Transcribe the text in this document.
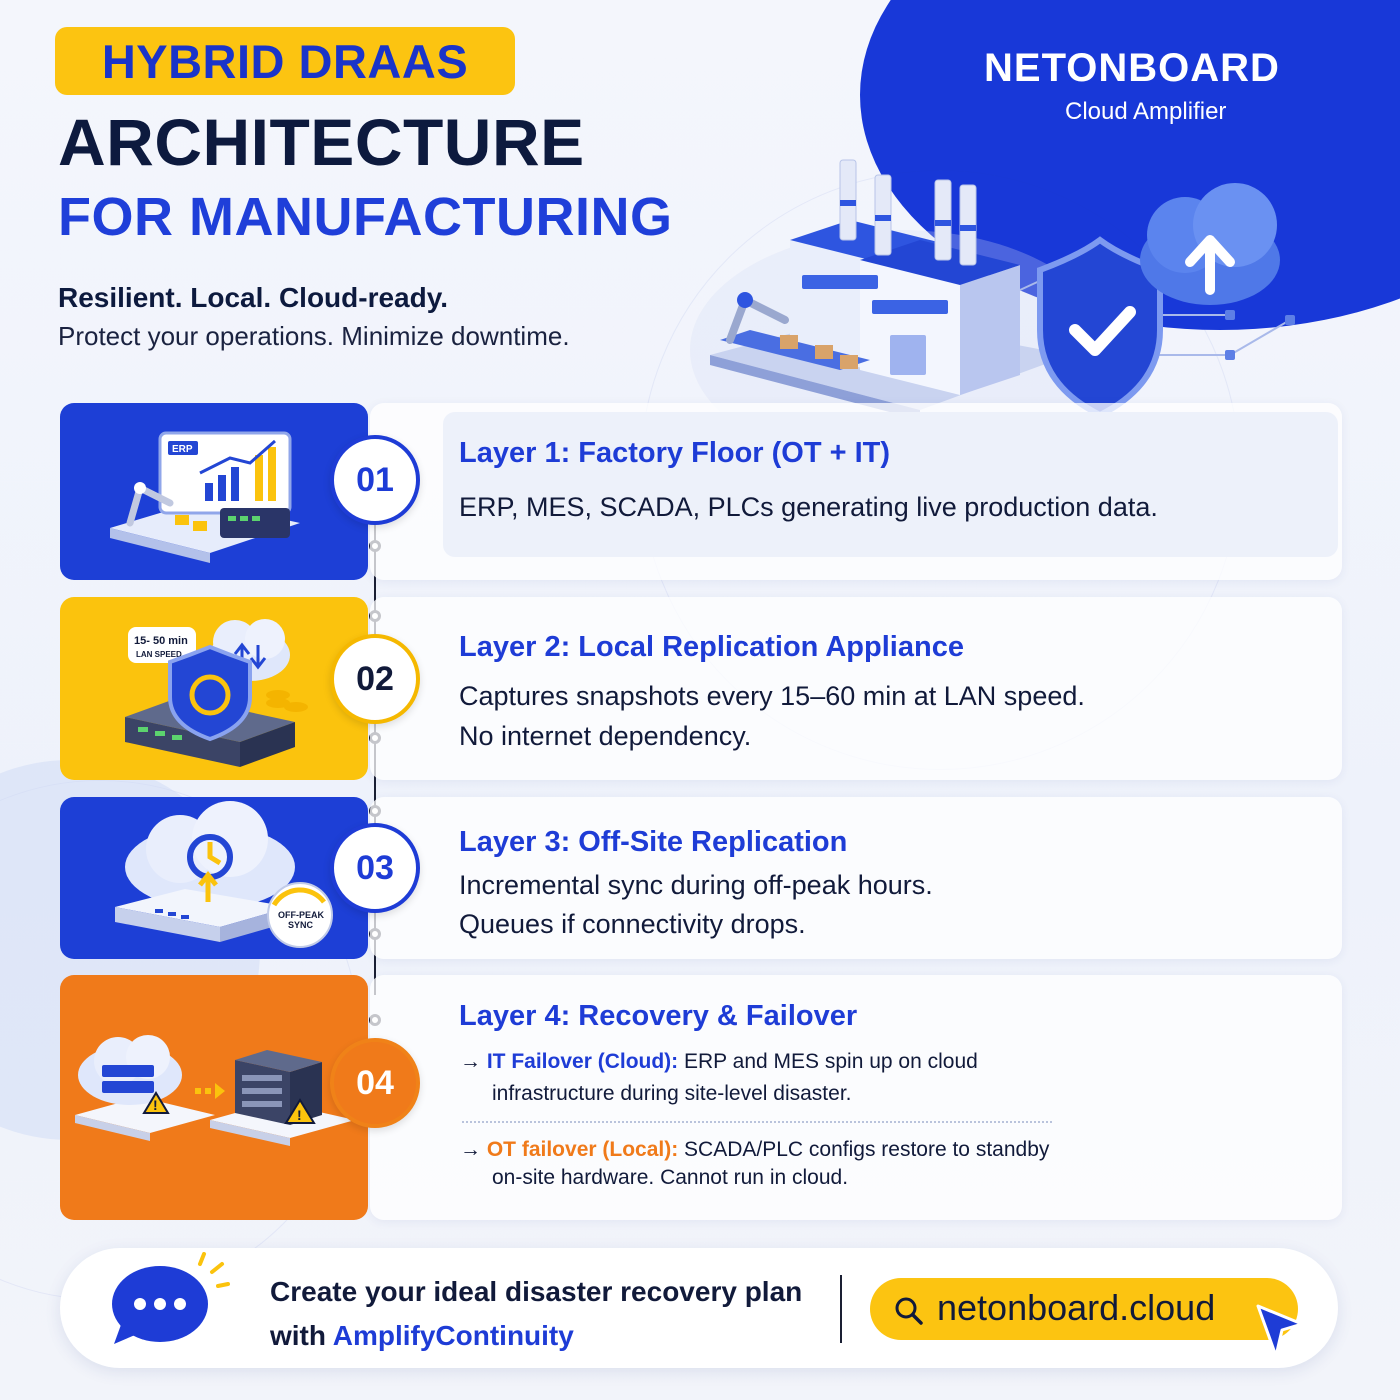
HYBRID DRAAS
ARCHITECTURE
FOR MANUFACTURING
Resilient. Local. Cloud-ready.
Protect your operations. Minimize downtime.
NETONBOARD
Cloud Amplifier
ERP
01
Layer 1: Factory Floor (OT + IT)
ERP, MES, SCADA, PLCs generating live production data.
15- 50 min
LAN SPEED
02
Layer 2: Local Replication Appliance
Captures snapshots every 15–60 min at LAN speed.
No internet dependency.
OFF-PEAK
SYNC
03
Layer 3: Off-Site Replication
Incremental sync during off-peak hours.
Queues if connectivity drops.
!
!
04
Layer 4: Recovery & Failover
→ IT Failover (Cloud): ERP and MES spin up on cloud
infrastructure during site-level disaster.
→ OT failover (Local): SCADA/PLC configs restore to standby
on-site hardware. Cannot run in cloud.
Create your ideal disaster recovery plan
with AmplifyContinuity
netonboard.cloud
